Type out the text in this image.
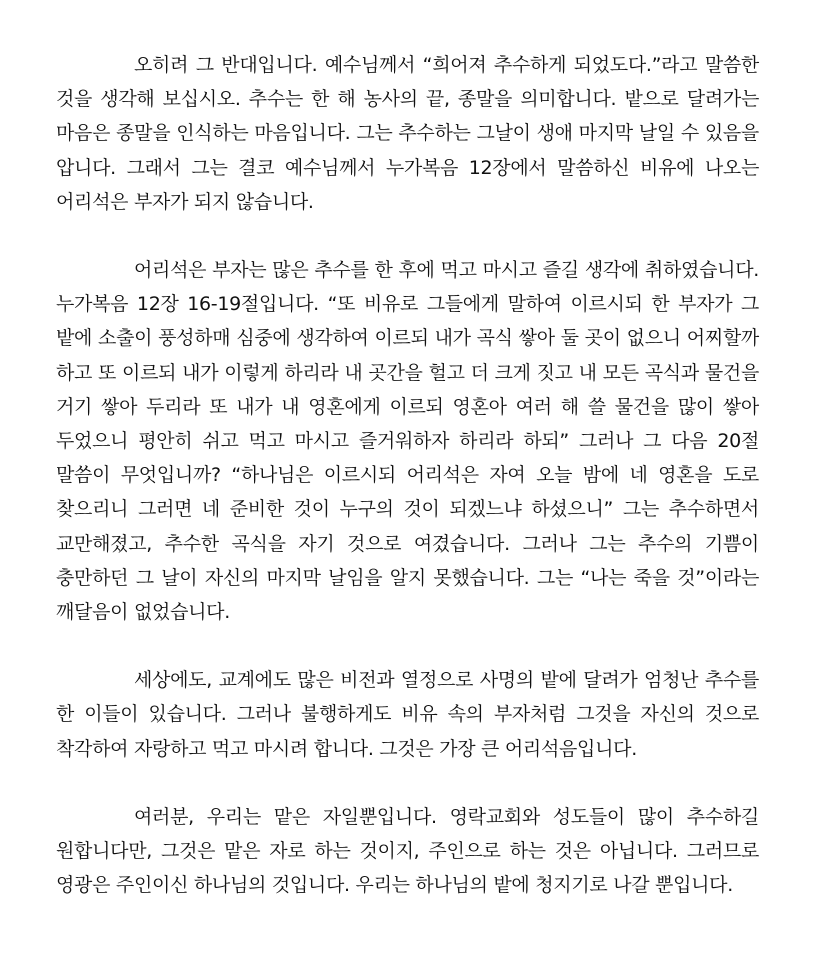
오히려 그 반대입니다. 예수님께서 “희어져 추수하게 되었도다.”라고 말씀한 것을 생각해 보십시오. 추수는 한 해 농사의 끝, 종말을 의미합니다. 밭으로 달려가는 마음은 종말을 인식하는 마음입니다. 그는 추수하는 그날이 생애 마지막 날일 수 있음을 압니다. 그래서 그는 결코 예수님께서 누가복음 12장에서 말씀하신 비유에 나오는 어리석은 부자가 되지 않습니다.

어리석은 부자는 많은 추수를 한 후에 먹고 마시고 즐길 생각에 취하였습니다. 누가복음 12장 16-19절입니다. “또 비유로 그들에게 말하여 이르시되 한 부자가 그 밭에 소출이 풍성하매 심중에 생각하여 이르되 내가 곡식 쌓아 둘 곳이 없으니 어찌할까 하고 또 이르되 내가 이렇게 하리라 내 곳간을 헐고 더 크게 짓고 내 모든 곡식과 물건을 거기 쌓아 두리라 또 내가 내 영혼에게 이르되 영혼아 여러 해 쓸 물건을 많이 쌓아 두었으니 평안히 쉬고 먹고 마시고 즐거워하자 하리라 하되” 그러나 그 다음 20절 말씀이 무엇입니까? “하나님은 이르시되 어리석은 자여 오늘 밤에 네 영혼을 도로 찾으리니 그러면 네 준비한 것이 누구의 것이 되겠느냐 하셨으니” 그는 추수하면서 교만해졌고, 추수한 곡식을 자기 것으로 여겼습니다. 그러나 그는 추수의 기쁨이 충만하던 그 날이 자신의 마지막 날임을 알지 못했습니다. 그는 “나는 죽을 것”이라는 깨달음이 없었습니다.

세상에도, 교계에도 많은 비전과 열정으로 사명의 밭에 달려가 엄청난 추수를 한 이들이 있습니다. 그러나 불행하게도 비유 속의 부자처럼 그것을 자신의 것으로 착각하여 자랑하고 먹고 마시려 합니다. 그것은 가장 큰 어리석음입니다.

여러분, 우리는 맡은 자일뿐입니다. 영락교회와 성도들이 많이 추수하길 원합니다만, 그것은 맡은 자로 하는 것이지, 주인으로 하는 것은 아닙니다. 그러므로 영광은 주인이신 하나님의 것입니다. 우리는 하나님의 밭에 청지기로 나갈 뿐입니다.
